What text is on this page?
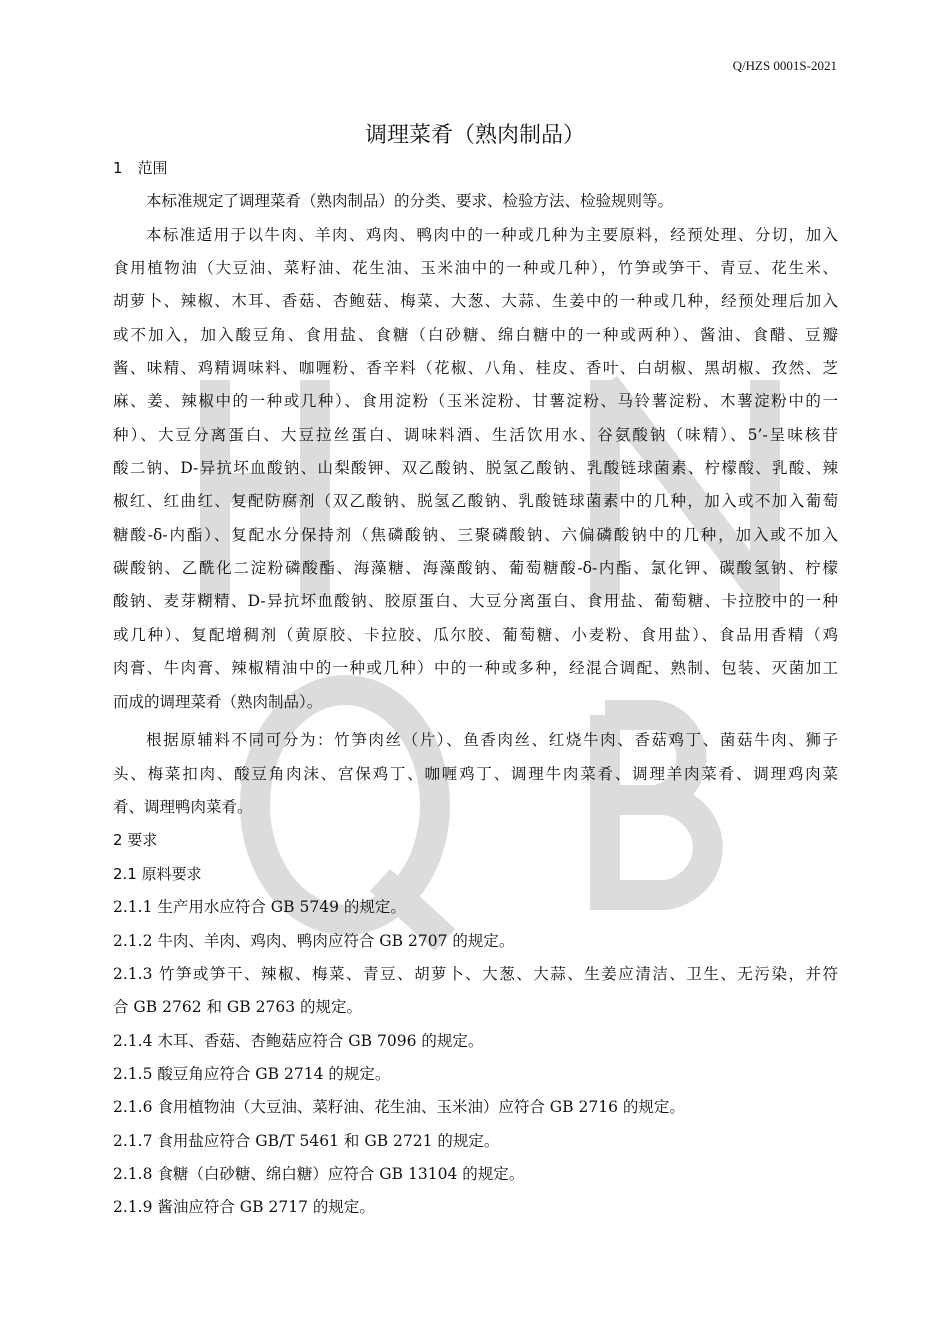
Q/HZS 0001S-2021
调理菜肴（熟肉制品）
1　范围
本标准规定了调理菜肴（熟肉制品）的分类、要求、检验方法、检验规则等。
本标准适用于以牛肉、羊肉、鸡肉、鸭肉中的一种或几种为主要原料，经预处理、分切，加入
食用植物油（大豆油、菜籽油、花生油、玉米油中的一种或几种），竹笋或笋干、青豆、花生米、
胡萝卜、辣椒、木耳、香菇、杏鲍菇、梅菜、大葱、大蒜、生姜中的一种或几种，经预处理后加入
或不加入，加入酸豆角、食用盐、食糖（白砂糖、绵白糖中的一种或两种）、酱油、食醋、豆瓣
酱、味精、鸡精调味料、咖喱粉、香辛料（花椒、八角、桂皮、香叶、白胡椒、黑胡椒、孜然、芝
麻、姜、辣椒中的一种或几种）、食用淀粉（玉米淀粉、甘薯淀粉、马铃薯淀粉、木薯淀粉中的一
种）、大豆分离蛋白、大豆拉丝蛋白、调味料酒、生活饮用水、谷氨酸钠（味精）、5’-呈味核苷
酸二钠、D-异抗坏血酸钠、山梨酸钾、双乙酸钠、脱氢乙酸钠、乳酸链球菌素、柠檬酸、乳酸、辣
椒红、红曲红、复配防腐剂（双乙酸钠、脱氢乙酸钠、乳酸链球菌素中的几种，加入或不加入葡萄
糖酸-δ-内酯）、复配水分保持剂（焦磷酸钠、三聚磷酸钠、六偏磷酸钠中的几种，加入或不加入
碳酸钠、乙酰化二淀粉磷酸酯、海藻糖、海藻酸钠、葡萄糖酸-δ-内酯、氯化钾、碳酸氢钠、柠檬
酸钠、麦芽糊精、D-异抗坏血酸钠、胶原蛋白、大豆分离蛋白、食用盐、葡萄糖、卡拉胶中的一种
或几种）、复配增稠剂（黄原胶、卡拉胶、瓜尔胶、葡萄糖、小麦粉、食用盐）、食品用香精（鸡
肉膏、牛肉膏、辣椒精油中的一种或几种）中的一种或多种，经混合调配、熟制、包装、灭菌加工
而成的调理菜肴（熟肉制品）。
根据原辅料不同可分为：竹笋肉丝（片）、鱼香肉丝、红烧牛肉、香菇鸡丁、菌菇牛肉、狮子
头、梅菜扣肉、酸豆角肉沫、宫保鸡丁、咖喱鸡丁、调理牛肉菜肴、调理羊肉菜肴、调理鸡肉菜
肴、调理鸭肉菜肴。
2 要求
2.1 原料要求
2.1.1 生产用水应符合 GB 5749 的规定。
2.1.2 牛肉、羊肉、鸡肉、鸭肉应符合 GB 2707 的规定。
2.1.3 竹笋或笋干、辣椒、梅菜、青豆、胡萝卜、大葱、大蒜、生姜应清洁、卫生、无污染，并符
合 GB 2762 和 GB 2763 的规定。
2.1.4 木耳、香菇、杏鲍菇应符合 GB 7096 的规定。
2.1.5 酸豆角应符合 GB 2714 的规定。
2.1.6 食用植物油（大豆油、菜籽油、花生油、玉米油）应符合 GB 2716 的规定。
2.1.7 食用盐应符合 GB/T 5461 和 GB 2721 的规定。
2.1.8 食糖（白砂糖、绵白糖）应符合 GB 13104 的规定。
2.1.9 酱油应符合 GB 2717 的规定。
